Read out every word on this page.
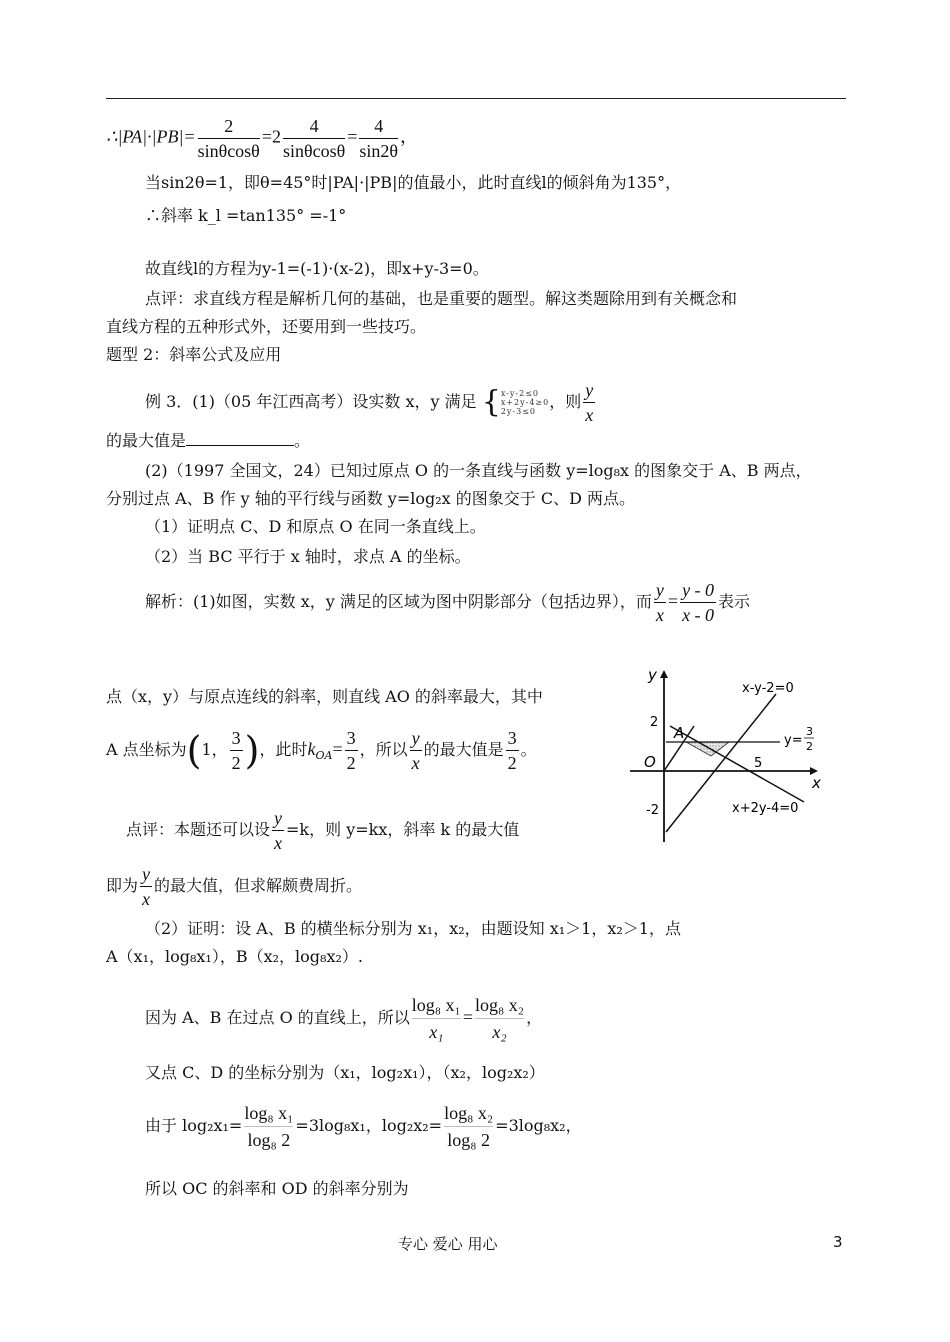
∴|PA|·|PB|= $\frac{2}{\sin\theta\cos\theta} =2 \frac{4}{\sin\theta\cos\theta} = \frac{4}{\sin 2\theta}$ ，
当sin2θ=1，即θ=45°时|PA|·|PB|的值最小，此时直线l的倾斜角为135°，
∴斜率 k_l =tan135° =-1°
故直线l的方程为y-1=(-1)·(x-2)，即x+y-3=0。
点评：求直线方程是解析几何的基础，也是重要的题型。解这类题除用到有关概念和
直线方程的五种形式外，还要用到一些技巧。
题型 2：斜率公式及应用
例 3．(1)（05 年江西高考）设实数 x，y 满足 { x-y-2≤0
x+2y-4≥0
2y-3≤0
，则 $\frac{y}{x}$
的最大值是	。
(2)（1997 全国文，24）已知过原点 O 的一条直线与函数 y=log₈x 的图象交于 A、B 两点，
分别过点 A、B 作 y 轴的平行线与函数 y=log₂x 的图象交于 C、D 两点。
（1）证明点 C、D 和原点 O 在同一条直线上。
（2）当 BC 平行于 x 轴时，求点 A 的坐标。
解析：(1)如图，实数 x，y 满足的区域为图中阴影部分（包括边界），而 $\frac{y}{x} = \frac{y - 0}{x - 0}$ 表示
点（x，y）与原点连线的斜率，则直线 AO 的斜率最大，其中
A 点坐标为(1， $\frac{3}{2}$ )，此时$k_{OA}= \frac{3}{2}$ ，所以 $\frac{y}{x}$ 的最大值是 $\frac{3}{2}$ 。
点评：本题还可以设 $\frac{y}{x} =k$，则 y=kx，斜率 k 的最大值
即为 $\frac{y}{x}$ 的最大值，但求解颇费周折。
（2）证明：设 A、B 的横坐标分别为 x₁，x₂，由题设知 x₁＞1，x₂＞1，点
A（x₁，log₈x₁），B（x₂，log₈x₂）.
因为 A、B 在过点 O 的直线上，所以 $\frac{\text{log₈ x₁}}{\text{x₁}} = \frac{\text{log₈ x₂}}{\text{x₂}}$ ，
又点 C、D 的坐标分别为（x₁，log₂x₁），（x₂，log₂x₂）
由于 $\log_2x_1= \frac{\text{log₈ x₁}}{\text{log₈ 2}} =3\log_8x_1$，$\log_2x_2= \frac{\text{log₈ x₂}}{\text{log₈ 2}} =3\log_8x_2$，
所以 OC 的斜率和 OD 的斜率分别为
y
x
x-y-2=0
y=
3
2
x+2y-4=0
2
-2
O
A
5
专心 爱心 用心	3
